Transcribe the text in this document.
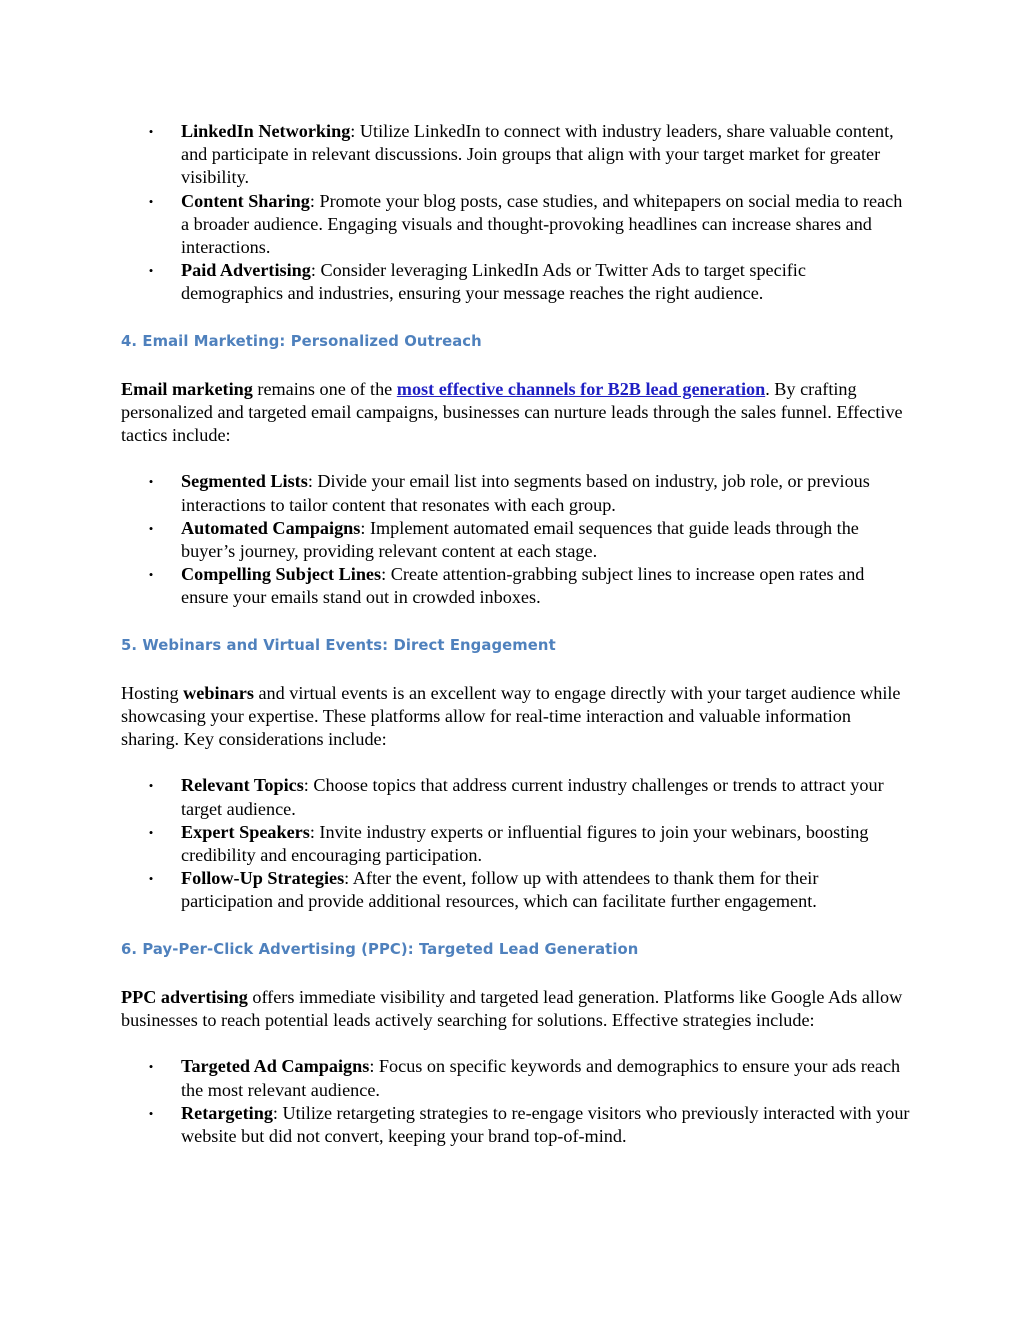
• LinkedIn Networking: Utilize LinkedIn to connect with industry leaders, share valuable content, and participate in relevant discussions. Join groups that align with your target market for greater visibility.
• Content Sharing: Promote your blog posts, case studies, and whitepapers on social media to reach a broader audience. Engaging visuals and thought-provoking headlines can increase shares and interactions.
• Paid Advertising: Consider leveraging LinkedIn Ads or Twitter Ads to target specific demographics and industries, ensuring your message reaches the right audience.
4. Email Marketing: Personalized Outreach

Email marketing remains one of the most effective channels for B2B lead generation. By crafting personalized and targeted email campaigns, businesses can nurture leads through the sales funnel. Effective tactics include:

• Segmented Lists: Divide your email list into segments based on industry, job role, or previous interactions to tailor content that resonates with each group.
• Automated Campaigns: Implement automated email sequences that guide leads through the buyer’s journey, providing relevant content at each stage.
• Compelling Subject Lines: Create attention-grabbing subject lines to increase open rates and ensure your emails stand out in crowded inboxes.
5. Webinars and Virtual Events: Direct Engagement

Hosting webinars and virtual events is an excellent way to engage directly with your target audience while showcasing your expertise. These platforms allow for real-time interaction and valuable information sharing. Key considerations include:

• Relevant Topics: Choose topics that address current industry challenges or trends to attract your target audience.
• Expert Speakers: Invite industry experts or influential figures to join your webinars, boosting credibility and encouraging participation.
• Follow-Up Strategies: After the event, follow up with attendees to thank them for their participation and provide additional resources, which can facilitate further engagement.
6. Pay-Per-Click Advertising (PPC): Targeted Lead Generation

PPC advertising offers immediate visibility and targeted lead generation. Platforms like Google Ads allow businesses to reach potential leads actively searching for solutions. Effective strategies include:

• Targeted Ad Campaigns: Focus on specific keywords and demographics to ensure your ads reach the most relevant audience.
• Retargeting: Utilize retargeting strategies to re-engage visitors who previously interacted with your website but did not convert, keeping your brand top-of-mind.
